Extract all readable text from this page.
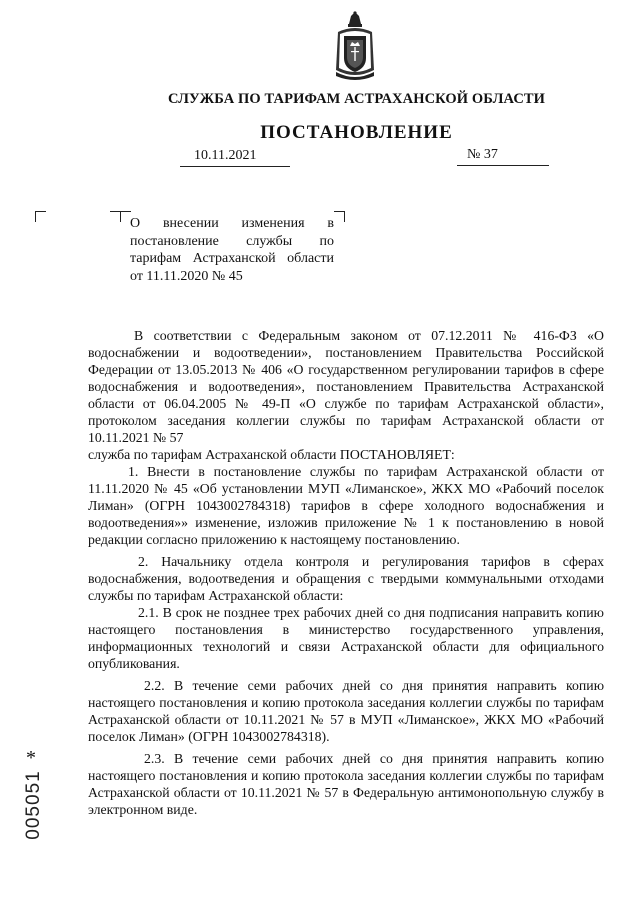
СЛУЖБА ПО ТАРИФАМ АСТРАХАНСКОЙ ОБЛАСТИ
ПОСТАНОВЛЕНИЕ
10.11.2021	№ 37
О внесении изменения в постановление службы по тарифам Астраханской области от 11.11.2020 № 45

В соответствии с Федеральным законом от 07.12.2011 № 416-ФЗ «О водоснабжении и водоотведении», постановлением Правительства Российской Федерации от 13.05.2013 № 406 «О государственном регулировании тарифов в сфере водоснабжения и водоотведения», постановлением Правительства Астраханской области от 06.04.2005 № 49-П «О службе по тарифам Астраханской области», протоколом заседания коллегии службы по тарифам Астраханской области от 10.11.2021 № 57

служба по тарифам Астраханской области ПОСТАНОВЛЯЕТ:

1. Внести в постановление службы по тарифам Астраханской области от 11.11.2020 № 45 «Об установлении МУП «Лиманское», ЖКХ МО «Рабочий поселок Лиман» (ОГРН 1043002784318) тарифов в сфере холодного водоснабжения и водоотведения»» изменение, изложив приложение № 1 к постановлению в новой редакции согласно приложению к настоящему постановлению.

2. Начальнику отдела контроля и регулирования тарифов в сферах водоснабжения, водоотведения и обращения с твердыми коммунальными отходами службы по тарифам Астраханской области:

2.1. В срок не позднее трех рабочих дней со дня подписания направить копию настоящего постановления в министерство государственного управления, информационных технологий и связи Астраханской области для официального опубликования.

2.2. В течение семи рабочих дней со дня принятия направить копию настоящего постановления и копию протокола заседания коллегии службы по тарифам Астраханской области от 10.11.2021 № 57 в МУП «Лиманское», ЖКХ МО «Рабочий поселок Лиман» (ОГРН 1043002784318).

2.3. В течение семи рабочих дней со дня принятия направить копию настоящего постановления и копию протокола заседания коллегии службы по тарифам Астраханской области от 10.11.2021 № 57 в Федеральную антимонопольную службу в электронном виде.

*
005051
